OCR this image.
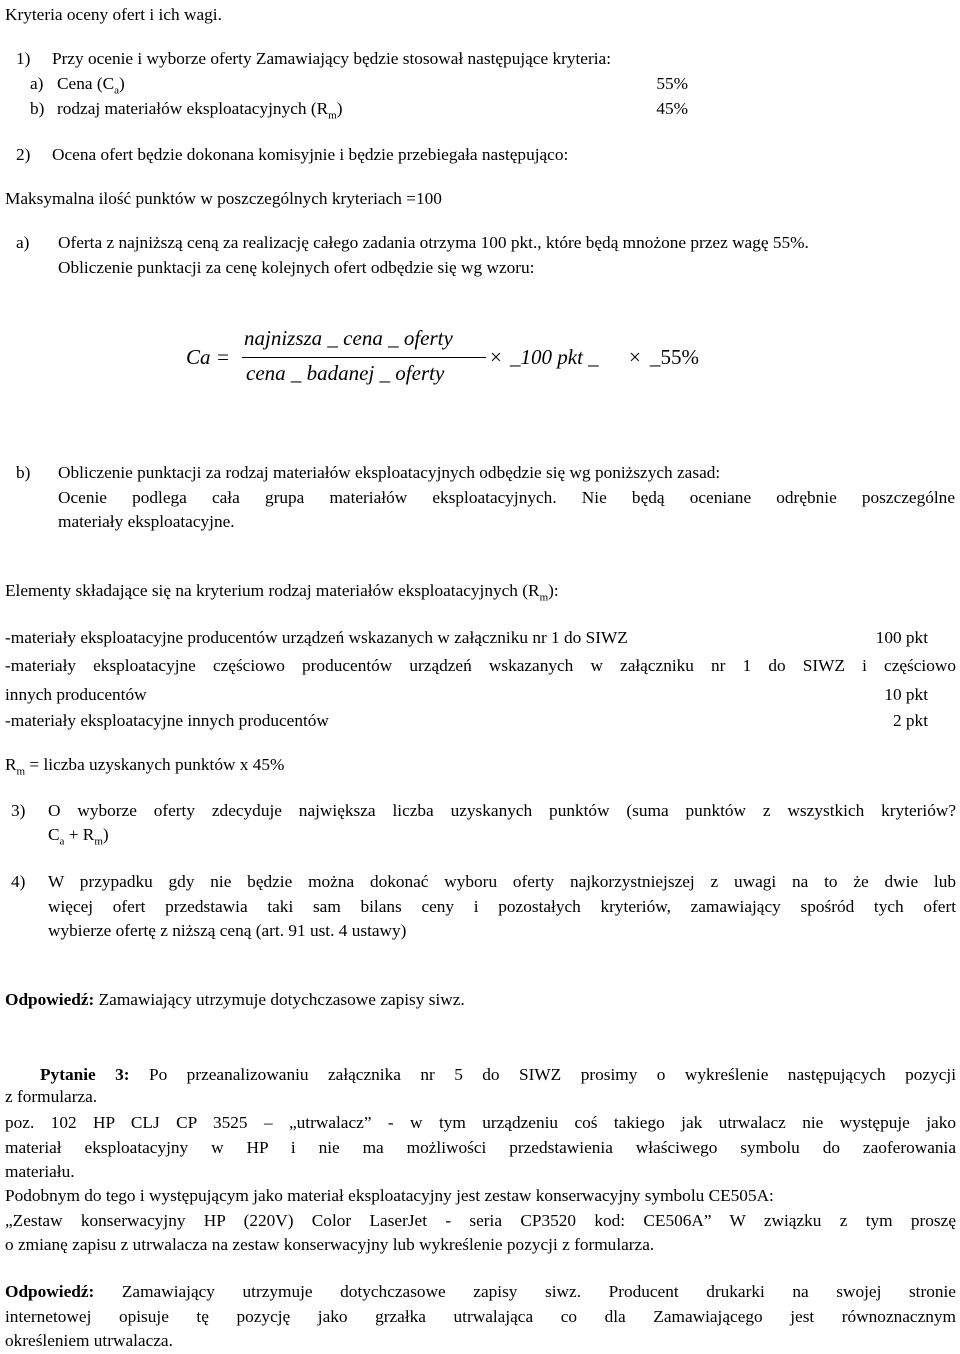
Kryteria oceny ofert i ich wagi.
1) Przy ocenie i wyborze oferty Zamawiający będzie stosował następujące kryteria:
a) Cena $(C_a)$	55%
b) rodzaj materiałów eksploatacyjnych $(R_m)$	45%
2) Ocena ofert będzie dokonana komisyjnie i będzie przebiegała następująco:
Maksymalna ilość punktów w poszczególnych kryteriach =100
a) Oferta z najniższą ceną za realizację całego zadania otrzyma 100 pkt., które będą mnożone przez wagę 55%.
Obliczenie punktacji za cenę kolejnych ofert odbędzie się wg wzoru:
Ca =
najnizsza _ cena _ oferty
cena _ badanej _ oferty
× _100 pkt _ × _55%
b) Obliczenie punktacji za rodzaj materiałów eksploatacyjnych odbędzie się wg poniższych zasad:
Ocenie podlega cała grupa materiałów eksploatacyjnych. Nie będą oceniane odrębnie poszczególne
materiały eksploatacyjne.
Elementy składające się na kryterium rodzaj materiałów eksploatacyjnych $(R_m)$:
-materiały eksploatacyjne producentów urządzeń wskazanych w załączniku nr 1 do SIWZ	100 pkt
-materiały eksploatacyjne częściowo producentów urządzeń wskazanych w załączniku nr 1 do SIWZ i częściowo
innych producentów	10 pkt
-materiały eksploatacyjne innych producentów	2 pkt
$R_m$ = liczba uzyskanych punktów x 45%
3) O wyborze oferty zdecyduje największa liczba uzyskanych punktów (suma punktów z wszystkich kryteriów?
$C_a + R_m$)
4) W przypadku gdy nie będzie można dokonać wyboru oferty najkorzystniejszej z uwagi na to że dwie lub
więcej ofert przedstawia taki sam bilans ceny i pozostałych kryteriów, zamawiający spośród tych ofert
wybierze ofertę z niższą ceną (art. 91 ust. 4 ustawy)
Odpowiedź: Zamawiający utrzymuje dotychczasowe zapisy siwz.
Pytanie 3: Po przeanalizowaniu załącznika nr 5 do SIWZ prosimy o wykreślenie następujących pozycji
z formularza.
poz. 102 HP CLJ CP 3525 – „utrwalacz” - w tym urządzeniu coś takiego jak utrwalacz nie występuje jako
materiał eksploatacyjny w HP i nie ma możliwości przedstawienia właściwego symbolu do zaoferowania
materiału.
Podobnym do tego i występującym jako materiał eksploatacyjny jest zestaw konserwacyjny symbolu CE505A:
„Zestaw konserwacyjny HP (220V) Color LaserJet - seria CP3520 kod: CE506A” W związku z tym proszę
o zmianę zapisu z utrwalacza na zestaw konserwacyjny lub wykreślenie pozycji z formularza.
Odpowiedź: Zamawiający utrzymuje dotychczasowe zapisy siwz. Producent drukarki na swojej stronie
internetowej opisuje tę pozycję jako grzałka utrwalająca co dla Zamawiającego jest równoznacznym
określeniem utrwalacza.
